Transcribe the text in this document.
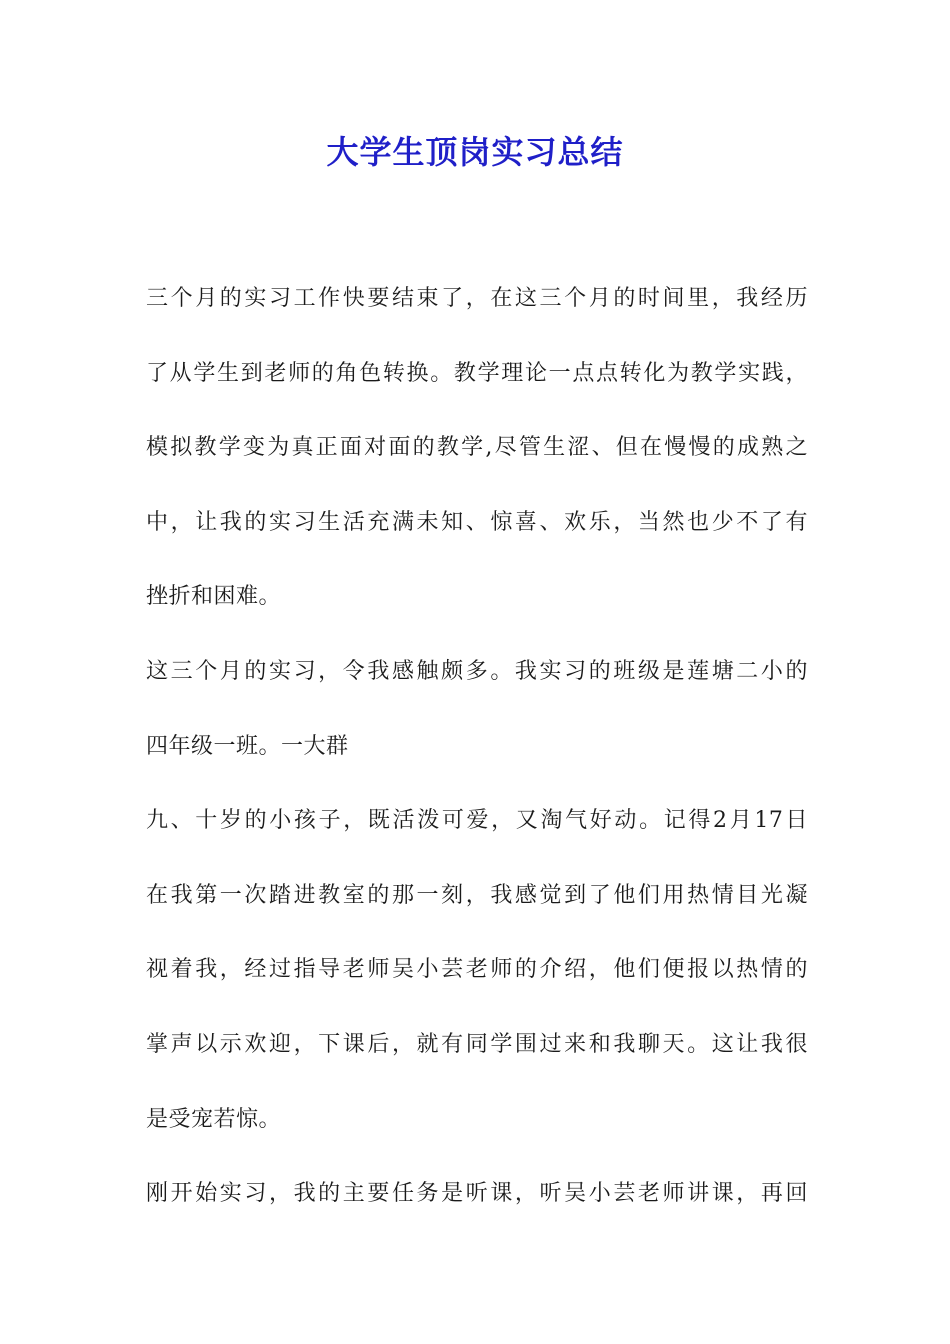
大学生顶岗实习总结

三个月的实习工作快要结束了，在这三个月的时间里，我经历
了从学生到老师的角色转换。教学理论一点点转化为教学实践，
模拟教学变为真正面对面的教学,尽管生涩、但在慢慢的成熟之
中，让我的实习生活充满未知、惊喜、欢乐，当然也少不了有
挫折和困难。

这三个月的实习，令我感触颇多。我实习的班级是莲塘二小的
四年级一班。一大群

九、十岁的小孩子，既活泼可爱，又淘气好动。记得2月17日
在我第一次踏进教室的那一刻，我感觉到了他们用热情目光凝
视着我，经过指导老师吴小芸老师的介绍，他们便报以热情的
掌声以示欢迎，下课后，就有同学围过来和我聊天。这让我很
是受宠若惊。

刚开始实习，我的主要任务是听课，听吴小芸老师讲课，再回
